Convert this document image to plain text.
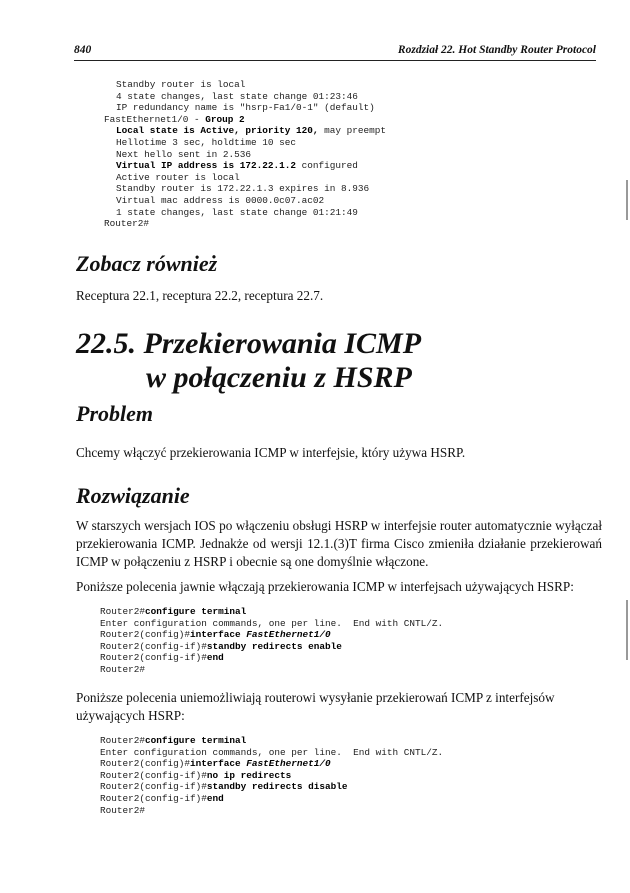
840	Rozdział 22. Hot Standby Router Protocol
Standby router is local
4 state changes, last state change 01:23:46
IP redundancy name is "hsrp-Fa1/0-1" (default)
FastEthernet1/0 - Group 2
Local state is Active, priority 120, may preempt
Hellotime 3 sec, holdtime 10 sec
Next hello sent in 2.536
Virtual IP address is 172.22.1.2 configured
Active router is local
Standby router is 172.22.1.3 expires in 8.936
Virtual mac address is 0000.0c07.ac02
1 state changes, last state change 01:21:49
Router2#
Zobacz również
Receptura 22.1, receptura 22.2, receptura 22.7.
22.5. Przekierowania ICMP
w połączeniu z HSRP
Problem
Chcemy włączyć przekierowania ICMP w interfejsie, który używa HSRP.
Rozwiązanie
W starszych wersjach IOS po włączeniu obsługi HSRP w interfejsie router automatycznie wyłączał przekierowania ICMP. Jednakże od wersji 12.1.(3)T firma Cisco zmieniła działanie przekierowań ICMP w połączeniu z HSRP i obecnie są one domyślnie włączone.
Poniższe polecenia jawnie włączają przekierowania ICMP w interfejsach używających HSRP:
Router2#configure terminal
Enter configuration commands, one per line.  End with CNTL/Z.
Router2(config)#interface FastEthernet1/0
Router2(config-if)#standby redirects enable
Router2(config-if)#end
Router2#
Poniższe polecenia uniemożliwiają routerowi wysyłanie przekierowań ICMP z interfejsów używających HSRP:
Router2#configure terminal
Enter configuration commands, one per line.  End with CNTL/Z.
Router2(config)#interface FastEthernet1/0
Router2(config-if)#no ip redirects
Router2(config-if)#standby redirects disable
Router2(config-if)#end
Router2#
